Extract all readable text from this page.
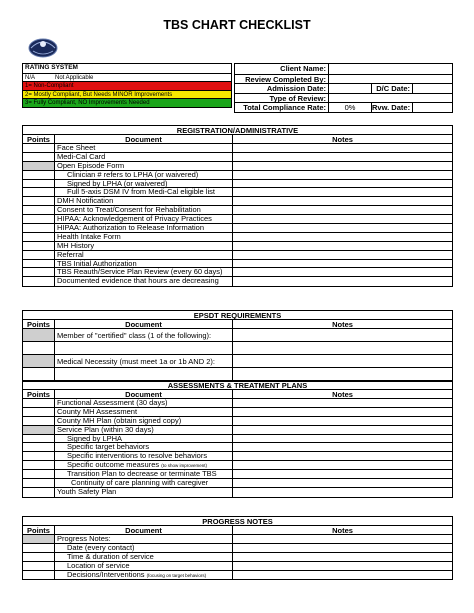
TBS CHART CHECKLIST
RATING SYSTEM
N/A	Not Applicable
1= Non-Compliant
2= Mostly Compliant, But Needs MINOR Improvements
3= Fully Compliant, NO Improvements Needed
Client Name:
Review Completed By:
Admission Date:	D/C Date:
Type of Review:
Total Compliance Rate:	0%	Rvw. Date:
REGISTRATION/ADMINISTRATIVE
Points	Document	Notes
Face Sheet
Medi-Cal Card
Open Episode Form
Clinician # refers to LPHA (or waivered)
Signed by LPHA (or waivered)
Full 5-axis DSM IV from Medi-Cal eligible list
DMH Notification
Consent to Treat/Consent for Rehabilitation
HIPAA: Acknowledgement of Privacy Practices
HIPAA: Authorization to Release Information
Health Intake Form
MH History
Referral
TBS Initial Authorization
TBS Reauth/Service Plan Review (every 60 days)
Documented evidence that hours are decreasing
EPSDT REQUIREMENTS
Points	Document	Notes
Member of "certified" class (1 of the following):
Medical Necessity (must meet 1a or 1b AND 2):
ASSESSMENTS & TREATMENT PLANS
Points	Document	Notes
Functional Assessment (30 days)
County MH Assessment
County MH Plan (obtain signed copy)
Service Plan (within 30 days)
Signed by LPHA
Specific target behaviors
Specific interventions to resolve behaviors
Specific outcome measures (to show improvement)
Transition Plan to decrease or terminate TBS
Continuity of care planning with caregiver
Youth Safety Plan
PROGRESS NOTES
Points	Document	Notes
Progress Notes:
Date (every contact)
Time & duration of service
Location of service
Decisions/Interventions (focusing on target behaviors)
